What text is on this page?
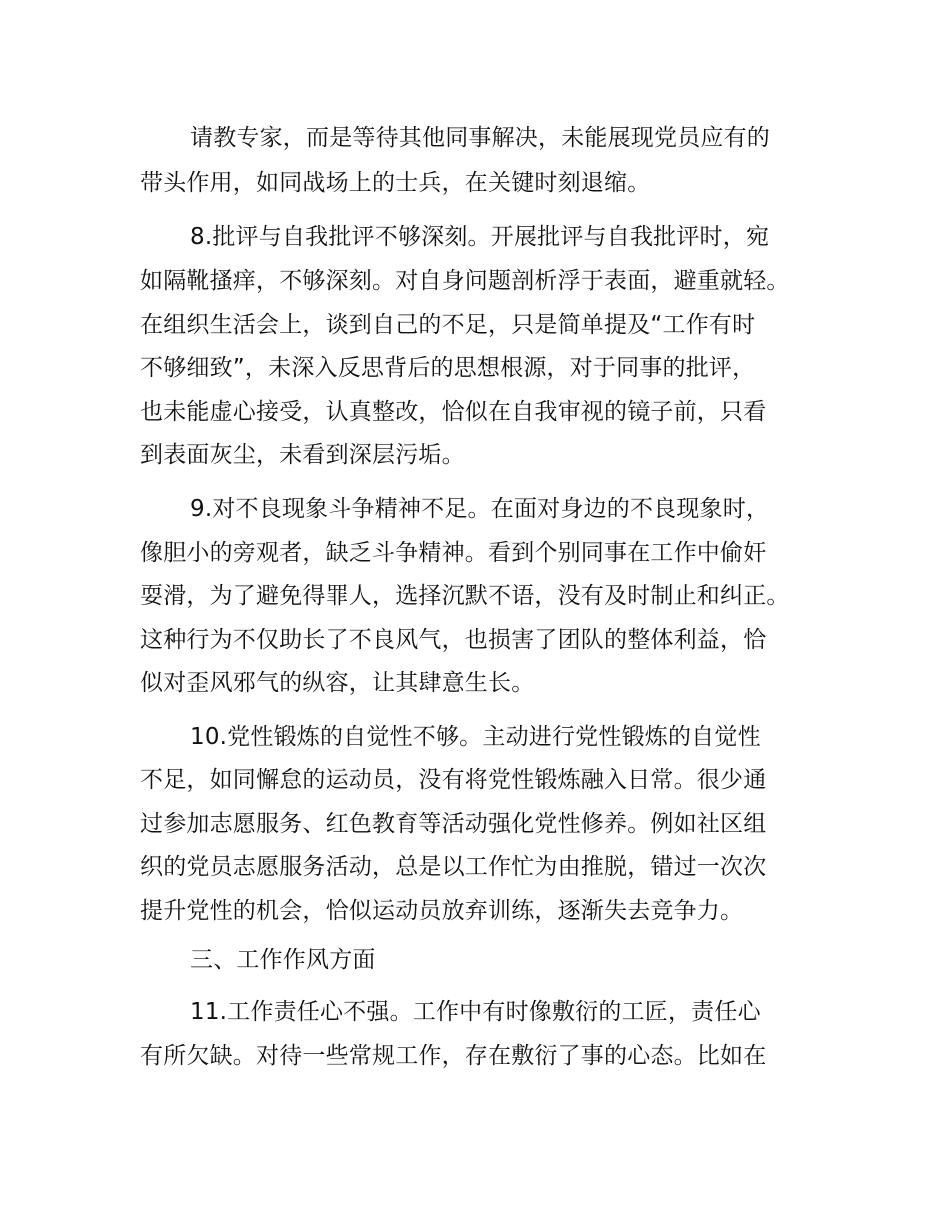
请教专家，而是等待其他同事解决，未能展现党员应有的
带头作用，如同战场上的士兵，在关键时刻退缩。
8.批评与自我批评不够深刻。开展批评与自我批评时，宛
如隔靴搔痒，不够深刻。对自身问题剖析浮于表面，避重就轻。
在组织生活会上，谈到自己的不足，只是简单提及“工作有时
不够细致”，未深入反思背后的思想根源，对于同事的批评，
也未能虚心接受，认真整改，恰似在自我审视的镜子前，只看
到表面灰尘，未看到深层污垢。
9.对不良现象斗争精神不足。在面对身边的不良现象时，
像胆小的旁观者，缺乏斗争精神。看到个别同事在工作中偷奸
耍滑，为了避免得罪人，选择沉默不语，没有及时制止和纠正。
这种行为不仅助长了不良风气，也损害了团队的整体利益，恰
似对歪风邪气的纵容，让其肆意生长。
10.党性锻炼的自觉性不够。主动进行党性锻炼的自觉性
不足，如同懈怠的运动员，没有将党性锻炼融入日常。很少通
过参加志愿服务、红色教育等活动强化党性修养。例如社区组
织的党员志愿服务活动，总是以工作忙为由推脱，错过一次次
提升党性的机会，恰似运动员放弃训练，逐渐失去竞争力。
三、工作作风方面
11.工作责任心不强。工作中有时像敷衍的工匠，责任心
有所欠缺。对待一些常规工作，存在敷衍了事的心态。比如在
